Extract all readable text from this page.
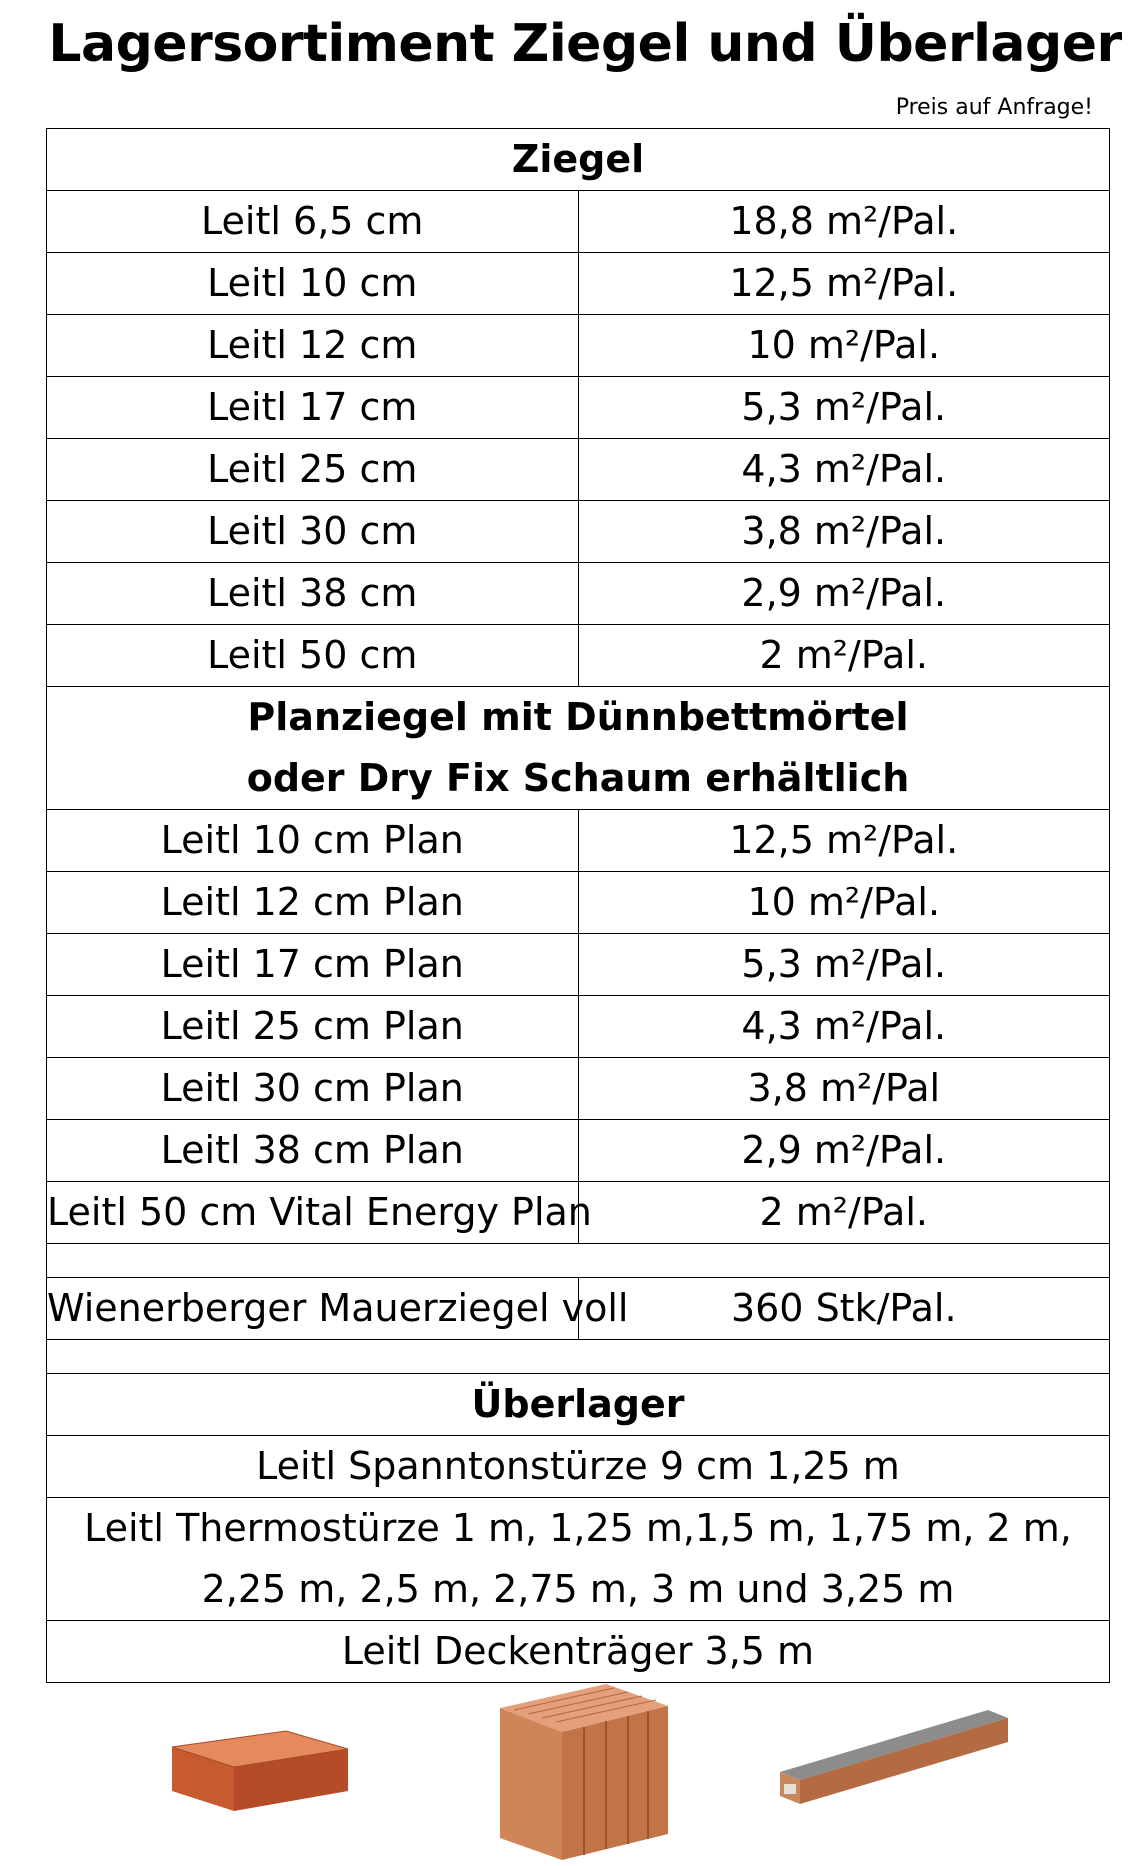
Lagersortiment Ziegel und Überlager
Preis auf Anfrage!
Ziegel	
Leitl 6,5 cm	18,8 m²/Pal.
Leitl 10 cm	12,5 m²/Pal.
Leitl 12 cm	10 m²/Pal.
Leitl 17 cm	5,3 m²/Pal.
Leitl 25 cm	4,3 m²/Pal.
Leitl 30 cm	3,8 m²/Pal.
Leitl 38 cm	2,9 m²/Pal.
Leitl 50 cm	2 m²/Pal.

Planziegel mit Dünnbettmörtel
oder Dry Fix Schaum erhältlich	

Leitl 10 cm Plan	12,5 m²/Pal.
Leitl 12 cm Plan	10 m²/Pal.
Leitl 17 cm Plan	5,3 m²/Pal.
Leitl 25 cm Plan	4,3 m²/Pal.
Leitl 30 cm Plan	3,8 m²/Pal
Leitl 38 cm Plan	2,9 m²/Pal.
Leitl 50 cm Vital Energy Plan	2 m²/Pal.

Wienerberger Mauerziegel voll	360 Stk/Pal.

Überlager	
Leitl Spanntonstürze 9 cm 1,25 m	

Leitl Thermostürze 1 m, 1,25 m,1,5 m, 1,75 m, 2 m,
2,25 m, 2,5 m, 2,75 m, 3 m und 3,25 m	

Leitl Deckenträger 3,5 m	
